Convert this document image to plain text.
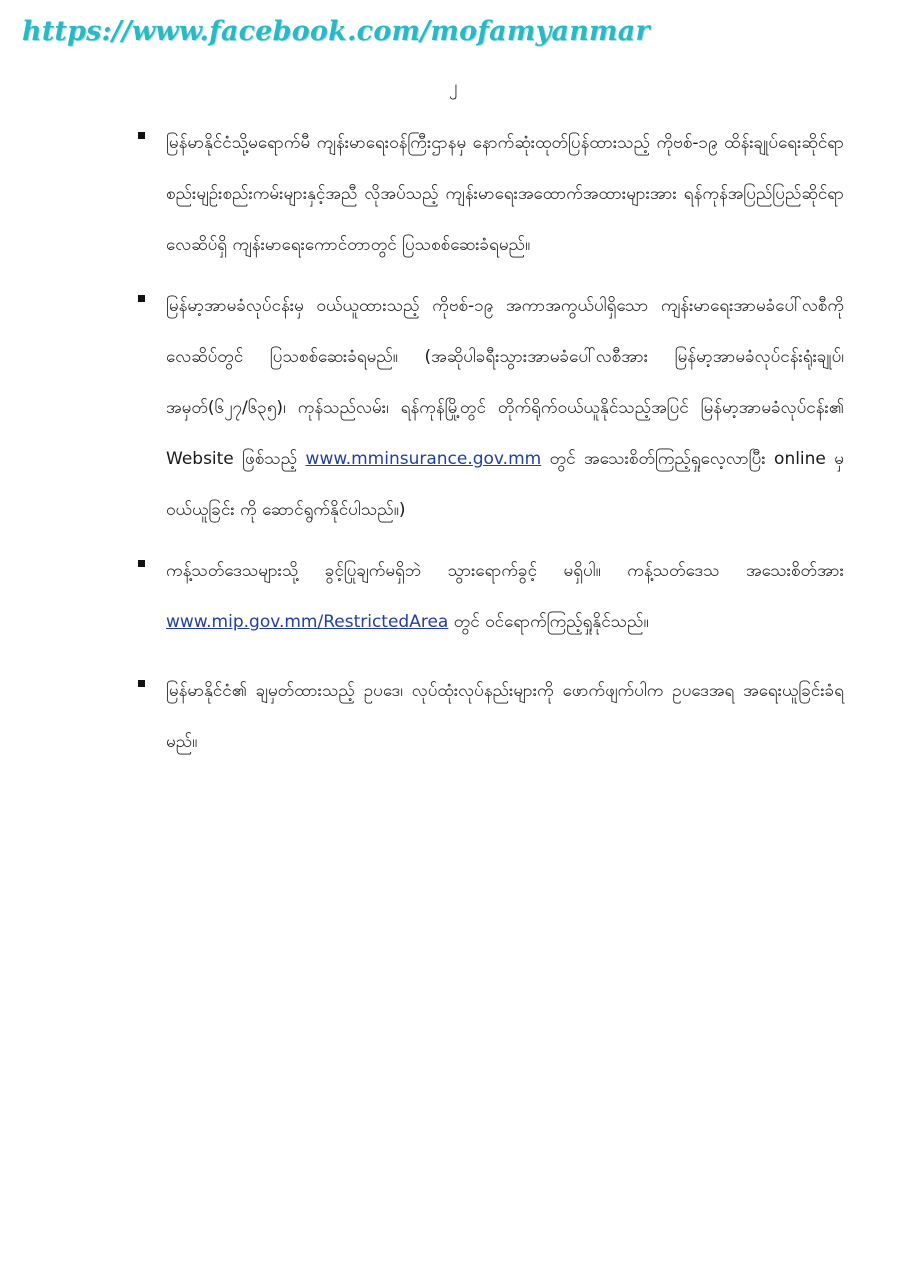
https://www.facebook.com/mofamyanmar
၂
မြန်မာနိုင်ငံသို့မရောက်မီ ကျန်းမာရေးဝန်ကြီးဌာနမှ နောက်ဆုံးထုတ်ပြန်ထားသည့် ကိုဗစ်-၁၉ ထိန်းချုပ်ရေးဆိုင်ရာ စည်းမျဉ်းစည်းကမ်းများနှင့်အညီ လိုအပ်သည့် ကျန်းမာရေးအထောက်အထားများအား ရန်ကုန်အပြည်ပြည်ဆိုင်ရာလေဆိပ်ရှိ ကျန်းမာရေးကောင်တာတွင် ပြသစစ်ဆေးခံရမည်။
မြန်မာ့အာမခံလုပ်ငန်းမှ ဝယ်ယူထားသည့် ကိုဗစ်-၁၉ အကာအကွယ်ပါရှိသော ကျန်းမာရေးအာမခံပေါ်လစီကို လေဆိပ်တွင် ပြသစစ်ဆေးခံရမည်။ (အဆိုပါခရီးသွားအာမခံပေါ်လစီအား မြန်မာ့အာမခံလုပ်ငန်းရုံးချုပ်၊ အမှတ်(၆၂၇/၆၃၅)၊ ကုန်သည်လမ်း၊ ရန်ကုန်မြို့တွင် တိုက်ရိုက်ဝယ်ယူနိုင်သည့်အပြင် မြန်မာ့အာမခံလုပ်ငန်း၏ Website ဖြစ်သည့် www.mminsurance.gov.mm တွင် အသေးစိတ်ကြည့်ရှုလေ့လာပြီး online မှ ဝယ်ယူခြင်း ကို ဆောင်ရွက်နိုင်ပါသည်။)
ကန့်သတ်ဒေသများသို့ ခွင့်ပြုချက်မရှိဘဲ သွားရောက်ခွင့် မရှိပါ။ ကန့်သတ်ဒေသ အသေးစိတ်အား www.mip.gov.mm/RestrictedArea တွင် ဝင်ရောက်ကြည့်ရှုနိုင်သည်။
မြန်မာနိုင်ငံ၏ ချမှတ်ထားသည့် ဥပဒေ၊ လုပ်ထုံးလုပ်နည်းများကို ဖောက်ဖျက်ပါက ဥပဒေအရ အရေးယူခြင်းခံရမည်။
